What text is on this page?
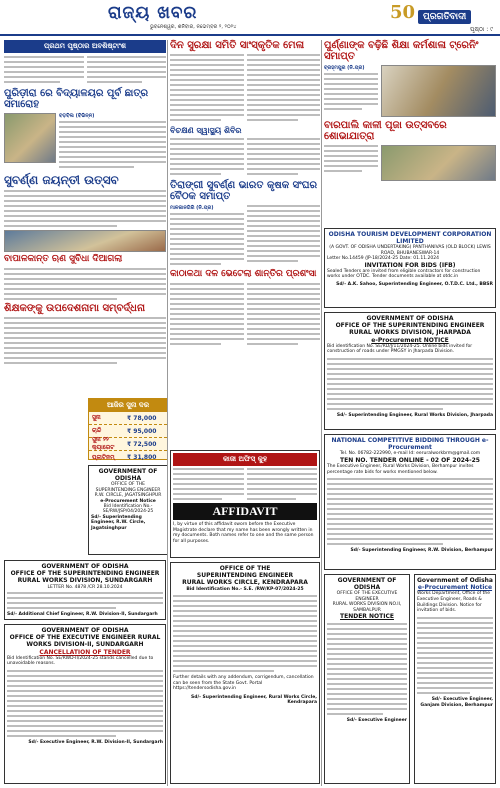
ରାଜ୍ୟ ଖବର
ଭୁବନେଶ୍ୱର, ଶନିବାର, ନଭେମ୍ବର ୨, ୨୦୨୪
50 ପ୍ରଗତିବାଦୀ
ପୃଷ୍ଠା : ୯
ପ୍ରଥମ ପୃଷ୍ଠାର ଅବଶିଷ୍ଟାଂଶ
ପୁରିଡ଼ୀରା ରେ ବିଦ୍ୟାଳୟର ପୂର୍ବ ଛାତ୍ର ସମାରୋହ
ବଡ଼ବିଲ (ବିଭିନ୍ନ)
ସୁବର୍ଣ୍ଣ ଜୟନ୍ତୀ ଉତ୍ସବ
ବାପାଳକାନ୍ତ ଋଣ ସୁବିଧା ଦିଆଗଲା
ଶିକ୍ଷକଙ୍କୁ ଉପଦେଶନାମା ସମ୍ବର୍ଦ୍ଧନା
ଦିନ ସୁରକ୍ଷା ସମିତି ସାଂସ୍କୃତିକ ମେଳା
ବିଚକ୍ଷଣ ସ୍ୱାସ୍ଥ୍ୟ ଶିବିର
ତିରାଙ୍ଗୀ ସୁବର୍ଣ୍ଣ ଭାରତ କୃଷକ ସଂଘର ବୈଠକ ସମାପ୍ତ
ମାଳକାନଗିରି (ନି.ପ୍ର)
କାଠାକଥା ଦଳ ଭେଟେଲା ଶାନ୍ତିର ପ୍ରଶଂସା
ଆଜିର ସୁନା ଦର
ସୁନା	₹ 78,000
ଚାନ୍ଦି	₹ 95,000
ସୁନା ୨୨ କ୍ୟାରେଟ	₹ 72,500
ପ୍ଲାଟିନମ୍	₹ 31,800
ପୁର୍ଣ୍ଣାଙ୍କ ବଢ଼ିଛି ଶିକ୍ଷା କର୍ମଶାଳା ଟ୍ରେନିଂ ସମାପ୍ତ
ବ୍ରହ୍ମପୁର (ନି.ପ୍ର)
ବାରପାଲି କାଳୀ ପୂଜା ଉତ୍ସବରେ ଶୋଭାଯାତ୍ରା
ODISHA TOURISM DEVELOPMENT CORPORATION LIMITED
(A GOVT. OF ODISHA UNDERTAKING) PANTHANIVAS (OLD BLOCK) LEWIS ROAD, BHUBANESWAR-14
Letter No.14459 /JP-18/2024-25 Date: 01.11.2024
INVITATION FOR BIDS (IFB)
Sealed Tenders are invited from eligible contractors for construction works under OTDC. Tender documents available at otdc.in
Sd/- A.K. Sahoo, Superintending Engineer, O.T.D.C. Ltd., BBSR
GOVERNMENT OF ODISHA
OFFICE OF THE SUPERINTENDING ENGINEER
RURAL WORKS DIVISION, JHARPADA
e-Procurement NOTICE
Bid identification No. SE/RD/J/11/2024-25. Online bids invited for construction of roads under PMGSY in Jharpada Division.
Sd/- Superintending Engineer, Rural Works Division, Jharpada
NATIONAL COMPETITIVE BIDDING THROUGH e-Procurement
Tel. No. 06782-222990, e-mail Id: eeruralworkbrm@gmail.com
TEN NO. TENDER ONLINE - 02 OF 2024-25
The Executive Engineer, Rural Works Division, Berhampur invites percentage rate bids for works mentioned below.
Sd/- Superintending Engineer, R.W. Division, Berhampur
କାଜୀ ଅଫିସ୍ କୁହ
AFFIDAVIT
I, by virtue of this affidavit sworn before the Executive Magistrate declare that my name has been wrongly written in my documents. Both names refer to one and the same person for all purposes.
GOVERNMENT OF ODISHA
OFFICE OF THE SUPERINTENDING ENGINEER RURAL WORKS DIVISION, SUNDARGARH
LETTER No. 4878 /CR 28.10.2024
Sd/- Additional Chief Engineer, R.W. Division-II, Sundargarh
GOVERNMENT OF ODISHA
OFFICE OF THE EXECUTIVE ENGINEER RURAL WORKS DIVISION-II, SUNDARGARH
CANCELLATION OF TENDER
Bid Identification No. SE/RWD-II/2024-25 stands cancelled due to unavoidable reasons.
Sd/- Executive Engineer, R.W. Division-II, Sundargarh
GOVERNMENT OF ODISHA
OFFICE OF THE SUPERINTENDING ENGINEER
R.W. CIRCLE, JAGATSINGHPUR
e-Procurement Notice
Bid Identification No.-SE/RW/JSP/04/2024-25
Sd/- Superintending Engineer, R.W. Circle, Jagatsinghpur
OFFICE OF THE
SUPERINTENDING ENGINEER
RURAL WORKS CIRCLE, KENDRAPARA
Bid Identification No.- S.E. /RW/KP-07/2024-25
Further details with any addendum, corrigendum, cancellation can be seen from the State Govt. Portal https://tendersodisha.gov.in
Sd/- Superintending Engineer, Rural Works Circle, Kendrapara
GOVERNMENT OF ODISHA
OFFICE OF THE EXECUTIVE ENGINEER
RURAL WORKS DIVISION NO.II, SAMBALPUR
TENDER NOTICE
Sd/- Executive Engineer
Government of Odisha
e-Procurement Notice
Works Department, Office of the Executive Engineer, Roads & Buildings Division. Notice for invitation of bids.
Sd/- Executive Engineer, Ganjam Division, Berhampur
